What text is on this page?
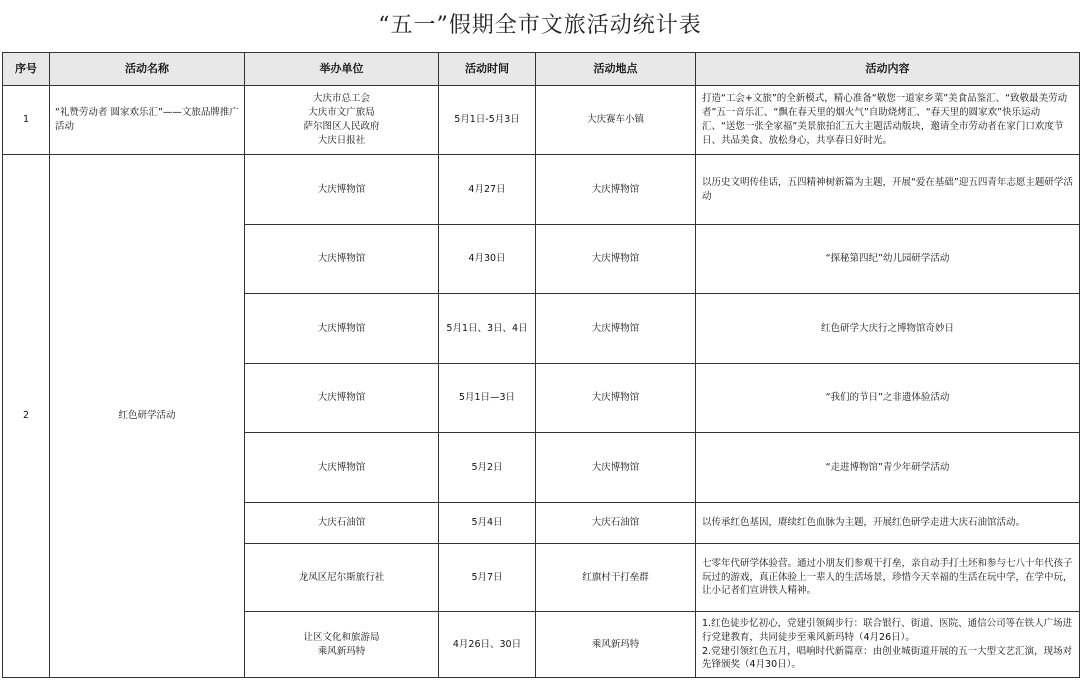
“五一”假期全市文旅活动统计表
序号	活动名称	举办单位	活动时间	活动地点	活动内容
1	“礼赞劳动者 圆家欢乐汇”——文旅品牌推广活动	大庆市总工会
大庆市文广旅局
萨尔图区人民政府
大庆日报社	5月1日-5月3日	大庆赛车小镇	打造“工会+文旅”的全新模式，精心准备“敬您一道家乡菜”美食品鉴汇、“致敬最美劳动者”五一音乐汇、“飘在春天里的烟火气”自助烧烤汇、“春天里的圆家欢”快乐运动汇、“送您一张全家福”美景旅拍汇五大主题活动版块，邀请全市劳动者在家门口欢度节日、共品美食、放松身心，共享春日好时光。
2	红色研学活动	大庆博物馆	4月27日	大庆博物馆	以历史文明传佳话，五四精神树新篇为主题，开展“爱在基础”迎五四青年志愿主题研学活动
		大庆博物馆	4月30日	大庆博物馆	“探秘第四纪”幼儿园研学活动
		大庆博物馆	5月1日、3日、4日	大庆博物馆	红色研学大庆行之博物馆奇妙日
		大庆博物馆	5月1日—3日	大庆博物馆	“我们的节日”之非遗体验活动
		大庆博物馆	5月2日	大庆博物馆	“走进博物馆”青少年研学活动
		大庆石油馆	5月4日	大庆石油馆	以传承红色基因，赓续红色血脉为主题，开展红色研学走进大庆石油馆活动。
		龙凤区尼尔斯旅行社	5月7日	红旗村干打垒群	七零年代研学体验营。通过小朋友们参观干打垒，亲自动手打土坯和参与七八十年代孩子玩过的游戏，真正体验上一辈人的生活场景，珍惜今天幸福的生活在玩中学，在学中玩，让小记者们宣讲铁人精神。

		让区文化和旅游局
乘风新玛特	4月26日、30日	乘风新玛特	1.红色徒步忆初心，党建引领阔步行：联合银行、街道、医院、通信公司等在铁人广场进行党建教育，共同徒步至乘风新玛特（4月26日）。
2.党建引领红色五月，唱响时代新篇章：由创业城街道开展的五一大型文艺汇演，现场对先锋颁奖（4月30日）。
